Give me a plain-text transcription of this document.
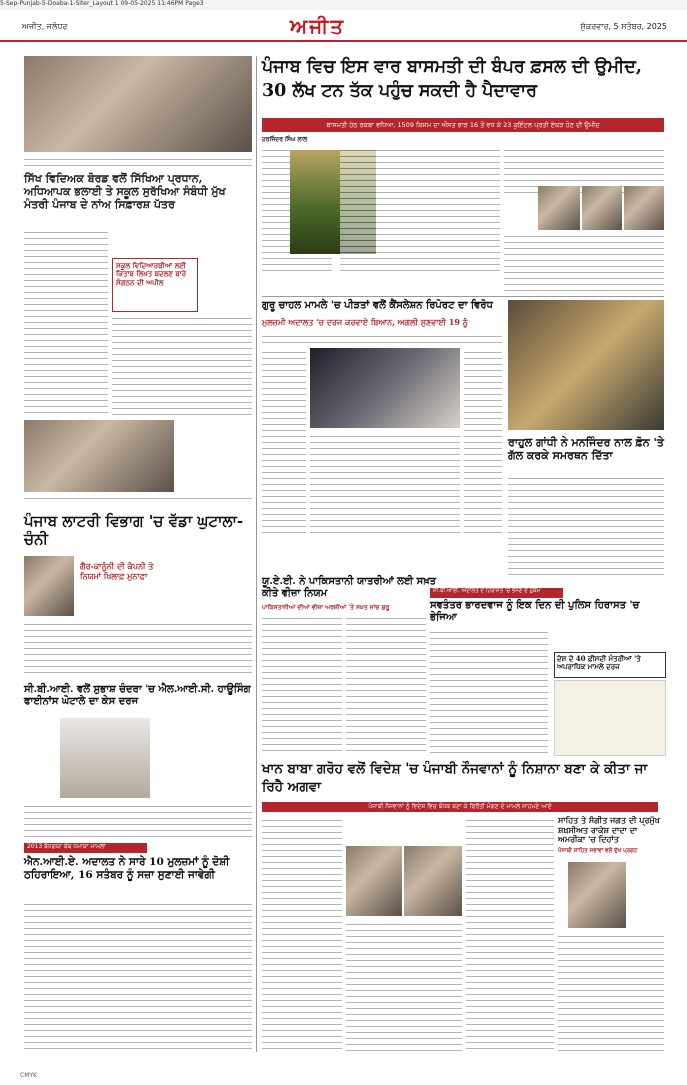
5-Sep-Punjab-5-Doaba-1-Siter_Layout 1 09-05-2025 11:46PM Page3
ਅਜੀਤ, ਜਲੰਧਰ	ਅਜੀਤ	ਸ਼ੁੱਕਰਵਾਰ, 5 ਸਤੰਬਰ, 2025
ਸਿੱਖ ਵਿਦਿਅਕ ਬੋਰਡ ਵਲੋਂ ਸਿੱਖਿਆ ਪ੍ਰਧਾਨ, ਅਧਿਆਪਕ ਭਲਾਈ ਤੇ ਸਕੂਲ ਸੁਰੱਖਿਆ ਸੰਬੰਧੀ ਮੁੱਖ ਮੰਤਰੀ ਪੰਜਾਬ ਦੇ ਨਾਂਅ ਸਿਫ਼ਾਰਸ਼ ਪੱਤਰ
ਸਕੂਲ ਵਿਦਿਆਰਥੀਆਂ ਲਈ ਕਿਤਾਬ ਲਿਖਤ ਬਦਲਣ ਬਾਰੇ ਸੰਗਠਨ ਦੀ ਅਪੀਲ
ਪੰਜਾਬ ਲਾਟਰੀ ਵਿਭਾਗ 'ਚ ਵੱਡਾ ਘੁਟਾਲਾ-ਚੰਨੀ
ਗੈਰ-ਕਾਨੂੰਨੀ ਦੀ ਕੰਪਨੀ ਤੇ ਨਿਯਮਾਂ ਖਿਲਾਫ਼ ਮੁਨਾਫ਼ਾ
ਸੀ.ਬੀ.ਆਈ. ਵਲੋਂ ਸੁਭਾਸ਼ ਚੰਦਰਾ 'ਚ ਐਲ.ਆਈ.ਸੀ. ਹਾਊਸਿੰਗ ਫਾਈਨਾਂਸ ਘੋਟਾਲੇ ਦਾ ਕੇਸ ਦਰਜ
2013 ਬੋਧਗਯਾ ਬੰਬ ਧਮਾਕਾ ਮਾਮਲਾ
ਐਨ.ਆਈ.ਏ. ਅਦਾਲਤ ਨੇ ਸਾਰੇ 10 ਮੁਲਜ਼ਮਾਂ ਨੂੰ ਦੋਸ਼ੀ ਠਹਿਰਾਇਆ, 16 ਸਤੰਬਰ ਨੂੰ ਸਜ਼ਾ ਸੁਣਾਈ ਜਾਵੇਗੀ
ਪੰਜਾਬ ਵਿਚ ਇਸ ਵਾਰ ਬਾਸਮਤੀ ਦੀ ਬੰਪਰ ਫ਼ਸਲ ਦੀ ਉਮੀਦ, 30 ਲੱਖ ਟਨ ਤੱਕ ਪਹੁੰਚ ਸਕਦੀ ਹੈ ਪੈਦਾਵਾਰ
ਬਾਸਮਤੀ ਹੇਠ ਰਕਬਾ ਵਧਿਆ, 1509 ਕਿਸਮ ਦਾ ਔਸਤ ਝਾੜ 16 ਤੋਂ ਵਧ ਕੇ 23 ਕੁਇੰਟਲ ਪ੍ਰਤੀ ਏਕੜ ਹੋਣ ਦੀ ਉਮੀਦ
ਹਰਜਿੰਦਰ ਸਿੰਘ ਲਾਲ
ਗੁਰੂ ਚਾਹਲ ਮਾਮਲੇ 'ਚ ਪੀੜਤਾਂ ਵਲੋਂ ਕੈਂਸਲੇਸ਼ਨ ਰਿਪੋਰਟ ਦਾ ਵਿਰੋਧ
ਮੁਲਜ਼ਮੀ ਅਦਾਲਤ 'ਚ ਦਰਜ ਕਰਵਾਏ ਬਿਆਨ, ਅਗਲੀ ਸੁਣਵਾਈ 19 ਨੂੰ
ਰਾਹੁਲ ਗਾਂਧੀ ਨੇ ਮਨਜਿੰਦਰ ਨਾਲ ਫ਼ੋਨ 'ਤੇ ਗੱਲ ਕਰਕੇ ਸਮਰਥਨ ਦਿੱਤਾ
ਯੂ.ਏ.ਈ. ਨੇ ਪਾਕਿਸਤਾਨੀ ਯਾਤਰੀਆਂ ਲਈ ਸਖ਼ਤ ਕੀਤੇ ਵੀਜ਼ਾ ਨਿਯਮ
ਪਾਕਿਸਤਾਨੀਆਂ ਦੀਆਂ ਵੀਜ਼ਾ ਅਰਜ਼ੀਆਂ 'ਤੇ ਸਖ਼ਤ ਜਾਂਚ ਸ਼ੁਰੂ
ਸੀ.ਬੀ.ਆਈ. ਅਦਾਲਤ ਦੇ ਹਿਰਾਸਤ 'ਚ ਭੇਜਣ ਦੇ ਹੁਕਮ
ਸਵਤੰਤਰ ਭਾਰਦਵਾਜ ਨੂੰ ਇਕ ਦਿਨ ਦੀ ਪੁਲਿਸ ਹਿਰਾਸਤ 'ਚ ਭੇਜਿਆ
ਦੇਸ਼ ਦੇ 40 ਫ਼ੀਸਦੀ ਮੰਤਰੀਆਂ 'ਤੇ ਅਪਰਾਧਿਕ ਮਾਮਲੇ ਦਰਜ
ਖਾਨ ਬਾਬਾ ਗਰੋਹ ਵਲੋਂ ਵਿਦੇਸ਼ 'ਚ ਪੰਜਾਬੀ ਨੌਜਵਾਨਾਂ ਨੂੰ ਨਿਸ਼ਾਨਾ ਬਣਾ ਕੇ ਕੀਤਾ ਜਾ ਰਿਹੈ ਅਗਵਾ
ਪੰਜਾਬੀ ਨੌਜਵਾਨਾਂ ਨੂੰ ਵਿਦੇਸ਼ ਵਿਚ ਬੰਧਕ ਬਣਾ ਕੇ ਫਿਰੌਤੀ ਮੰਗਣ ਦੇ ਮਾਮਲੇ ਸਾਹਮਣੇ ਆਏ
ਸਾਹਿਤ ਤੇ ਸੰਗੀਤ ਜਗਤ ਦੀ ਪ੍ਰਮੁੱਖ ਸ਼ਖ਼ਸੀਅਤ ਰਾਕੇਸ਼ ਦਾਦਾ ਦਾ ਅਮਰੀਕਾ 'ਚ ਦਿਹਾਂਤ
ਪੰਜਾਬੀ ਸਾਹਿਤ ਸਭਾਵਾਂ ਵਲੋਂ ਦੁੱਖ ਪ੍ਰਗਟ
CMYK
